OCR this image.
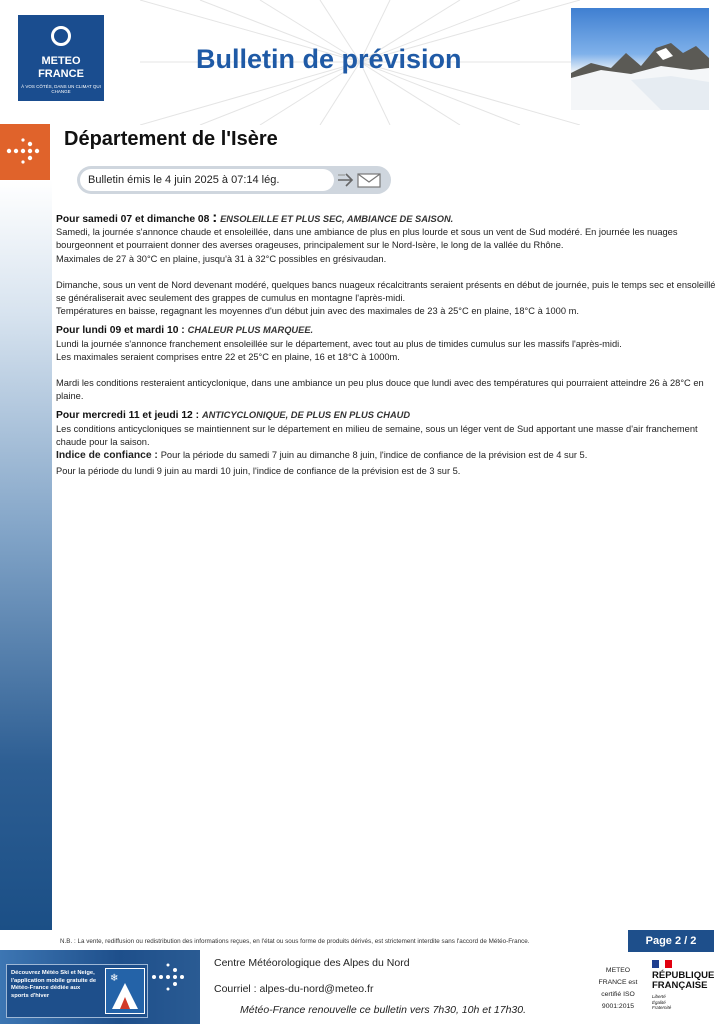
METEO
FRANCE
À VOS CÔTÉS, DANS UN CLIMAT QUI CHANGE
Bulletin de prévision
Département de l'Isère
Bulletin émis le 4 juin 2025 à 07:14 lég.

Pour samedi 07 et dimanche 08 : ENSOLEILLE ET PLUS SEC, AMBIANCE DE SAISON.

Samedi, la journée s'annonce chaude et ensoleillée, dans une ambiance de plus en plus lourde et sous un vent de Sud modéré. En journée les nuages bourgeonnent et pourraient donner des averses orageuses, principalement sur le Nord-Isère, le long de la vallée du Rhône.

Maximales de 27 à 30°C en plaine, jusqu'à 31 à 32°C possibles en grésivaudan.

Dimanche, sous un vent de Nord devenant modéré, quelques bancs nuageux récalcitrants seraient présents en début de journée, puis le temps sec et ensoleillé se généraliserait avec seulement des grappes de cumulus en montagne l'après-midi.

Températures en baisse, regagnant les moyennes d'un début juin avec des maximales de 23 à 25°C en plaine, 18°C à 1000 m.

Pour lundi 09 et mardi 10 : CHALEUR PLUS MARQUEE.

Lundi la journée s'annonce franchement ensoleillée sur le département, avec tout au plus de timides cumulus sur les massifs l'après-midi.

Les maximales seraient comprises entre 22 et 25°C en plaine, 16 et 18°C à 1000m.

Mardi les conditions resteraient anticyclonique, dans une ambiance un peu plus douce que lundi avec des températures qui pourraient atteindre 26 à 28°C en plaine.

Pour mercredi 11 et jeudi 12 : ANTICYCLONIQUE, DE PLUS EN PLUS CHAUD

Les conditions anticycloniques se maintiennent sur le département en milieu de semaine, sous un léger vent de Sud apportant une masse d'air franchement chaude pour la saison.

Indice de confiance : Pour la période du samedi 7 juin au dimanche 8 juin, l'indice de confiance de la prévision est de 4 sur 5.

Pour la période du lundi 9 juin au mardi 10 juin, l'indice de confiance de la prévision est de 3 sur 5.

N.B. : La vente, rediffusion ou redistribution des informations reçues, en l'état ou sous forme de produits dérivés, est strictement interdite sans l'accord de Météo-France.	Page 2 / 2
Découvrez Météo Ski et Neige, l'application mobile gratuite de Météo-France dédiée aux sports d'hiver
❄
Centre Météorologique des Alpes du Nord
Courriel : alpes-du-nord@meteo.fr
Météo-France renouvelle ce bulletin vers 7h30, 10h et 17h30.
METEO
FRANCE est
certifié ISO
9001:2015
RÉPUBLIQUE
FRANÇAISE
Liberté
Égalité
Fraternité
